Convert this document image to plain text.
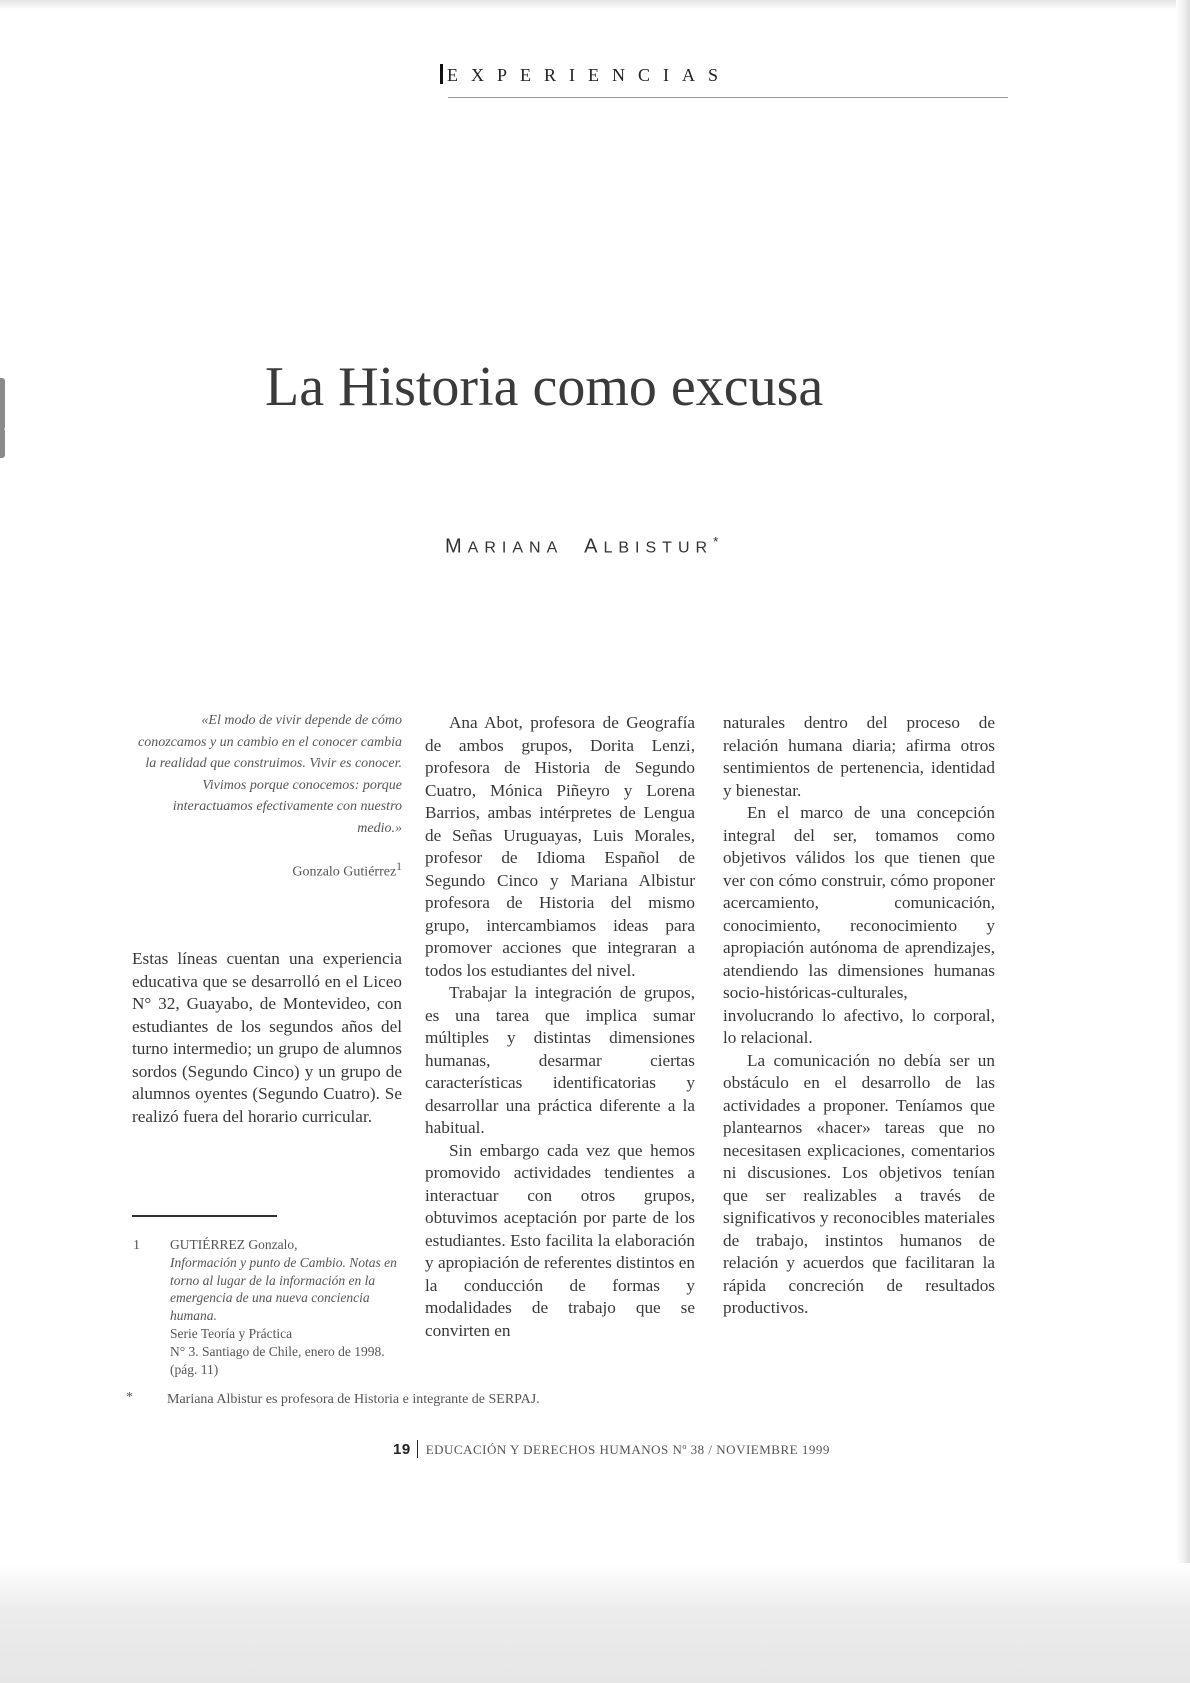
EXPERIENCIAS
La Historia como excusa
MARIANA ALBISTUR*
«El modo de vivir depende de cómo conozcamos y un cambio en el conocer cambia la realidad que construimos. Vivir es conocer. Vivimos porque conocemos: porque interactuamos efectivamente con nuestro medio.»
Gonzalo Gutiérrez$^1$

Estas líneas cuentan una experiencia educativa que se desarrolló en el Liceo N° 32, Guayabo, de Montevideo, con estudiantes de los segundos años del turno intermedio; un grupo de alumnos sordos (Segundo Cinco) y un grupo de alumnos oyentes (Segundo Cuatro). Se realizó fuera del horario curricular.

Ana Abot, profesora de Geografía de ambos grupos, Dorita Lenzi, profesora de Historia de Segundo Cuatro, Mónica Piñeyro y Lorena Barrios, ambas intérpretes de Lengua de Señas Uruguayas, Luis Morales, profesor de Idioma Español de Segundo Cinco y Mariana Albistur profesora de Historia del mismo grupo, intercambiamos ideas para promover acciones que integraran a todos los estudiantes del nivel.

Trabajar la integración de grupos, es una tarea que implica sumar múltiples y distintas dimensiones humanas, desarmar ciertas características identificatorias y desarrollar una práctica diferente a la habitual.

Sin embargo cada vez que hemos promovido actividades tendientes a interactuar con otros grupos, obtuvimos aceptación por parte de los estudiantes. Esto facilita la elaboración y apropiación de referentes distintos en la conducción de formas y modalidades de trabajo que se convirten en

naturales dentro del proceso de relación humana diaria; afirma otros sentimientos de pertenencia, identidad y bienestar.

En el marco de una concepción integral del ser, tomamos como objetivos válidos los que tienen que ver con cómo construir, cómo proponer acercamiento, comunicación, conocimiento, reconocimiento y apropiación autónoma de aprendizajes, atendiendo las dimensiones humanas socio-históricas-culturales, involucrando lo afectivo, lo corporal, lo relacional.

La comunicación no debía ser un obstáculo en el desarrollo de las actividades a proponer. Teníamos que plantearnos «hacer» tareas que no necesitasen explicaciones, comentarios ni discusiones. Los objetivos tenían que ser realizables a través de significativos y reconocibles materiales de trabajo, instintos humanos de relación y acuerdos que facilitaran la rápida concreción de resultados productivos.

1 GUTIÉRREZ Gonzalo,
Información y punto de Cambio. Notas en torno al lugar de la información en la emergencia de una nueva conciencia humana.
Serie Teoría y Práctica
N° 3. Santiago de Chile, enero de 1998. (pág. 11)
* Mariana Albistur es profesora de Historia e integrante de SERPAJ.
19 EDUCACIÓN Y DERECHOS HUMANOS Nº 38 / NOVIEMBRE 1999
